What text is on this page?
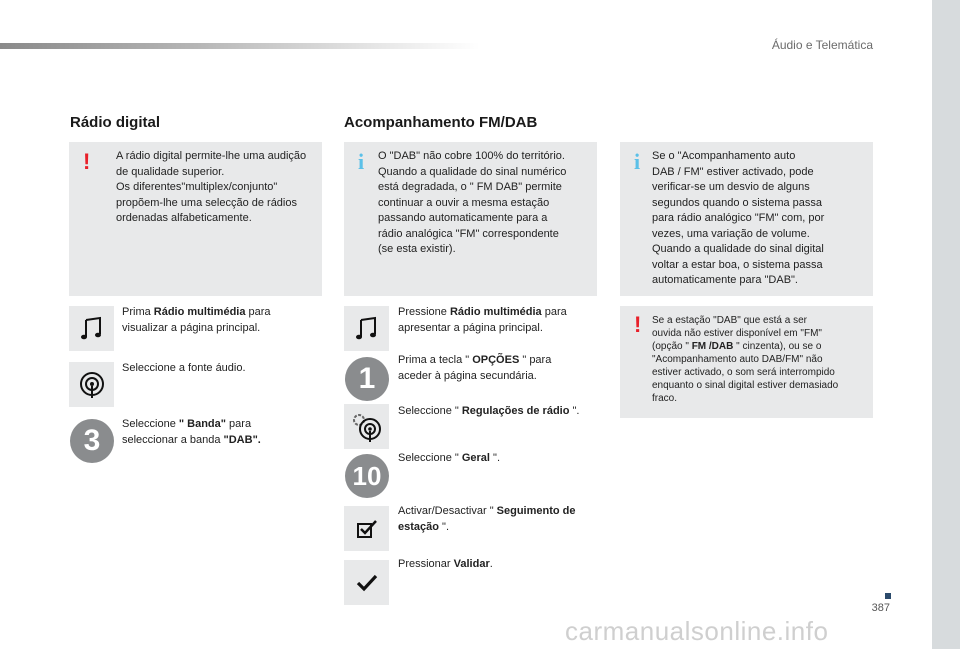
Áudio e Telemática
Rádio digital
! A rádio digital permite-lhe uma audição

de qualidade superior.

Os diferentes"multiplex/conjunto"

propõem-lhe uma selecção de rádios

ordenadas alfabeticamente.

Prima Rádio multimédia para
visualizar a página principal.
Seleccione a fonte áudio.
3	Seleccione " Banda" para
seleccionar a banda "DAB".
Acompanhamento FM/DAB
i O "DAB" não cobre 100% do território.

Quando a qualidade do sinal numérico

está degradada, o " FM DAB" permite

continuar a ouvir a mesma estação

passando automaticamente para a

rádio analógica "FM" correspondente

(se esta existir).

Pressione Rádio multimédia para
apresentar a página principal.
1
Prima a tecla " OPÇÕES " para
aceder à página secundária.
Seleccione " Regulações de rádio ".
10
Seleccione " Geral ".
Activar/Desactivar " Seguimento de
estação ".
Pressionar Validar.
i Se o "Acompanhamento auto

DAB / FM" estiver activado, pode

verificar-se um desvio de alguns

segundos quando o sistema passa

para rádio analógico "FM" com, por

vezes, uma variação de volume.

Quando a qualidade do sinal digital

voltar a estar boa, o sistema passa

automaticamente para "DAB".

! Se a estação "DAB" que está a ser
ouvida não estiver disponível em "FM"
(opção " FM /DAB " cinzenta), ou se o
"Acompanhamento auto DAB/FM" não
estiver activado, o som será interrompido
enquanto o sinal digital estiver demasiado
fraco.
387
carmanualsonline.info
